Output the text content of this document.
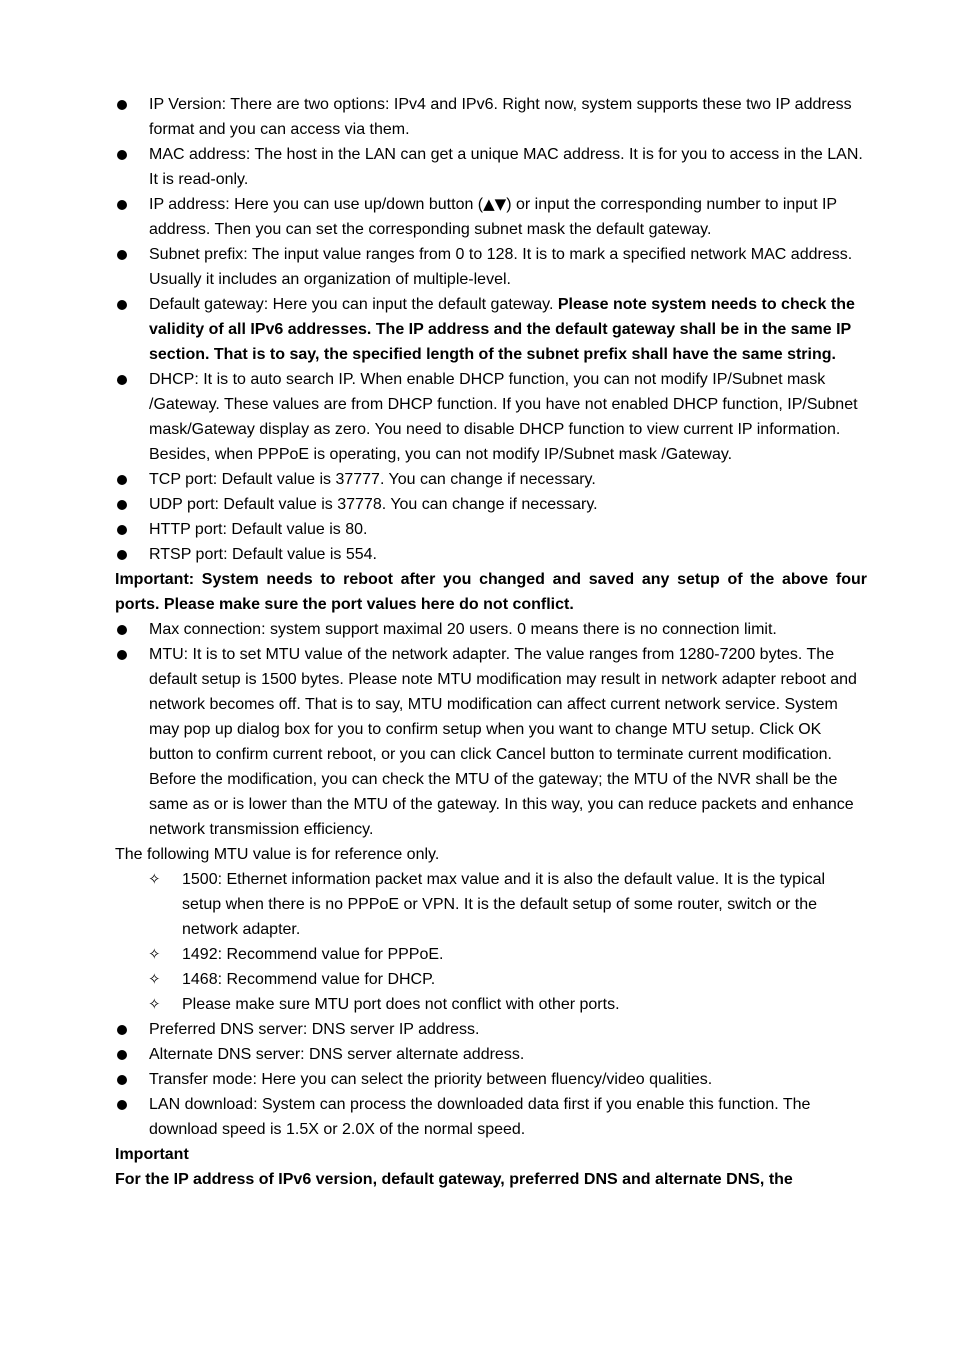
IP Version: There are two options: IPv4 and IPv6. Right now, system supports these two IP address format and you can access via them.
MAC address: The host in the LAN can get a unique MAC address. It is for you to access in the LAN. It is read-only.
IP address: Here you can use up/down button (▲▼) or input the corresponding number to input IP address. Then you can set the corresponding subnet mask the default gateway.
Subnet prefix: The input value ranges from 0 to 128. It is to mark a specified network MAC address. Usually it includes an organization of multiple-level.
Default gateway: Here you can input the default gateway. Please note system needs to check the validity of all IPv6 addresses. The IP address and the default gateway shall be in the same IP section. That is to say, the specified length of the subnet prefix shall have the same string.
DHCP: It is to auto search IP. When enable DHCP function, you can not modify IP/Subnet mask /Gateway. These values are from DHCP function. If you have not enabled DHCP function, IP/Subnet mask/Gateway display as zero. You need to disable DHCP function to view current IP information.    Besides, when PPPoE is operating, you can not modify IP/Subnet mask /Gateway.
TCP port: Default value is 37777. You can change if necessary.
UDP port: Default value is 37778. You can change if necessary.
HTTP port: Default value is 80.
RTSP port: Default value is 554.
Important: System needs to reboot after you changed and saved any setup of the above four ports. Please make sure the port values here do not conflict.
Max connection: system support maximal 20 users. 0 means there is no connection limit.
MTU: It is to set MTU value of the network adapter. The value ranges from 1280-7200 bytes. The default setup is 1500 bytes. Please note MTU modification may result in network adapter reboot and network becomes off. That is to say, MTU modification can affect current network service. System may pop up dialog box for you to confirm setup when you want to change MTU setup. Click OK button to confirm current reboot, or you can click Cancel button to terminate current modification. Before the modification, you can check the MTU of the gateway; the MTU of the NVR shall be the same as or is lower than the MTU of the gateway. In this way, you can reduce packets and enhance network transmission efficiency.
The following MTU value is for reference only.
✧ 1500: Ethernet information packet max value and it is also the default value. It is the typical setup when there is no PPPoE or VPN. It is the default setup of some router, switch or the network adapter.
✧ 1492: Recommend value for PPPoE.
✧ 1468: Recommend value for DHCP.
✧ Please make sure MTU port does not conflict with other ports.
Preferred DNS server: DNS server IP address.
Alternate DNS server: DNS server alternate address.
Transfer mode: Here you can select the priority between fluency/video qualities.
LAN download: System can process the downloaded data first if you enable this function. The download speed is 1.5X or 2.0X of the normal speed.
Important
For the IP address of IPv6 version, default gateway, preferred DNS and alternate DNS, the
